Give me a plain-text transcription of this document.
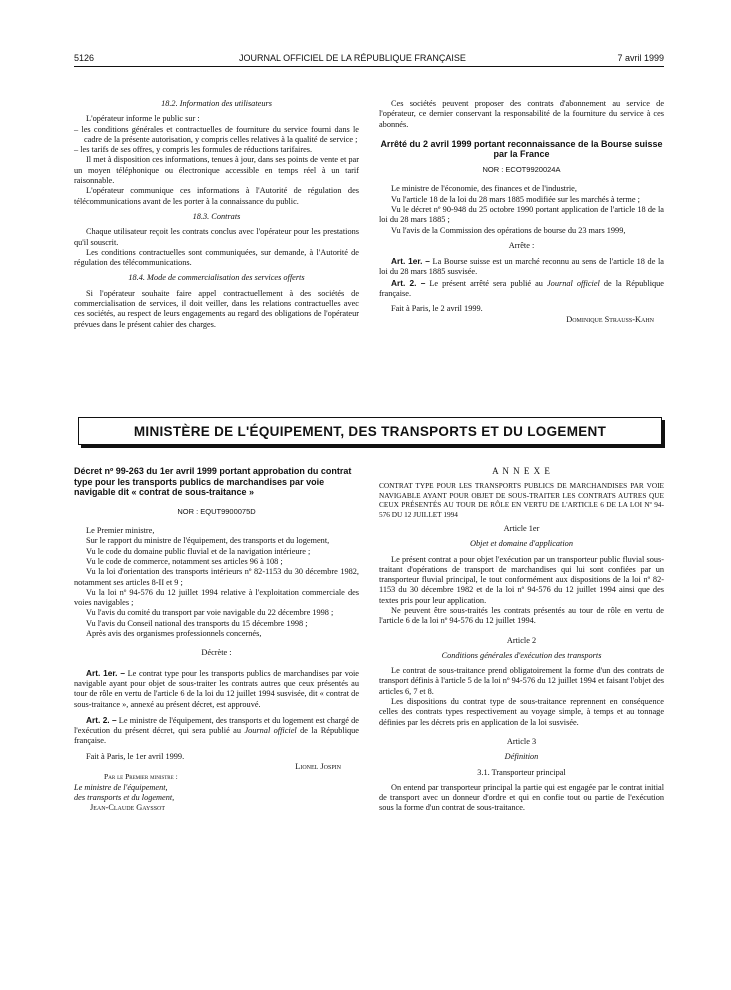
5126	JOURNAL OFFICIEL DE LA RÉPUBLIQUE FRANÇAISE	7 avril 1999

18.2. Information des utilisateurs

L'opérateur informe le public sur :

– les conditions générales et contractuelles de fourniture du service fourni dans le cadre de la présente autorisation, y compris celles relatives à la qualité de service ;

– les tarifs de ses offres, y compris les formules de réductions tarifaires.

Il met à disposition ces informations, tenues à jour, dans ses points de vente et par un moyen téléphonique ou électronique accessible en temps réel à un tarif raisonnable.

L'opérateur communique ces informations à l'Autorité de régulation des télécommunications avant de les porter à la connaissance du public.

18.3. Contrats

Chaque utilisateur reçoit les contrats conclus avec l'opérateur pour les prestations qu'il souscrit.

Les conditions contractuelles sont communiquées, sur demande, à l'Autorité de régulation des télécommunications.

18.4. Mode de commercialisation des services offerts

Si l'opérateur souhaite faire appel contractuellement à des sociétés de commercialisation de services, il doit veiller, dans les relations contractuelles avec ces sociétés, au respect de leurs engagements au regard des obligations de l'opérateur prévues dans le présent cahier des charges.

Ces sociétés peuvent proposer des contrats d'abonnement au service de l'opérateur, ce dernier conservant la responsabilité de la fourniture du service à ces abonnés.

Arrêté du 2 avril 1999 portant reconnaissance de la Bourse suisse par la France

NOR : ECOT9920024A

Le ministre de l'économie, des finances et de l'industrie,

Vu l'article 18 de la loi du 28 mars 1885 modifiée sur les marchés à terme ;

Vu le décret nº 90-948 du 25 octobre 1990 portant application de l'article 18 de la loi du 28 mars 1885 ;

Vu l'avis de la Commission des opérations de bourse du 23 mars 1999,

Arrête :

Art. 1er. – La Bourse suisse est un marché reconnu au sens de l'article 18 de la loi du 28 mars 1885 susvisée.

Art. 2. – Le présent arrêté sera publié au Journal officiel de la République française.

Fait à Paris, le 2 avril 1999.

Dominique Strauss-Kahn

MINISTÈRE DE L'ÉQUIPEMENT, DES TRANSPORTS ET DU LOGEMENT

Décret nº 99-263 du 1er avril 1999 portant approbation du contrat type pour les transports publics de marchandises par voie navigable dit « contrat de sous-traitance »

NOR : EQUT9900075D

Le Premier ministre,

Sur le rapport du ministre de l'équipement, des transports et du logement,

Vu le code du domaine public fluvial et de la navigation intérieure ;

Vu le code de commerce, notamment ses articles 96 à 108 ;

Vu la loi d'orientation des transports intérieurs nº 82-1153 du 30 décembre 1982, notamment ses articles 8-II et 9 ;

Vu la loi nº 94-576 du 12 juillet 1994 relative à l'exploitation commerciale des voies navigables ;

Vu l'avis du comité du transport par voie navigable du 22 décembre 1998 ;

Vu l'avis du Conseil national des transports du 15 décembre 1998 ;

Après avis des organismes professionnels concernés,

Décrète :

Art. 1er. – Le contrat type pour les transports publics de marchandises par voie navigable ayant pour objet de sous-traiter les contrats autres que ceux présentés au tour de rôle en vertu de l'article 6 de la loi du 12 juillet 1994 susvisée, dit « contrat de sous-traitance », annexé au présent décret, est approuvé.

Art. 2. – Le ministre de l'équipement, des transports et du logement est chargé de l'exécution du présent décret, qui sera publié au Journal officiel de la République française.

Fait à Paris, le 1er avril 1999.

Lionel Jospin

Par le Premier ministre :

Le ministre de l'équipement,

des transports et du logement,

Jean-Claude Gayssot

A N N E X E

CONTRAT TYPE POUR LES TRANSPORTS PUBLICS DE MARCHANDISES PAR VOIE NAVIGABLE AYANT POUR OBJET DE SOUS-TRAITER LES CONTRATS AUTRES QUE CEUX PRÉSENTÉS AU TOUR DE RÔLE EN VERTU DE L'ARTICLE 6 DE LA LOI Nº 94-576 DU 12 JUILLET 1994

Article 1er

Objet et domaine d'application

Le présent contrat a pour objet l'exécution par un transporteur public fluvial sous-traitant d'opérations de transport de marchandises qui lui sont confiées par un transporteur fluvial principal, le tout conformément aux dispositions de la loi nº 82-1153 du 30 décembre 1982 et de la loi nº 94-576 du 12 juillet 1994 ainsi que des textes pris pour leur application.

Ne peuvent être sous-traités les contrats présentés au tour de rôle en vertu de l'article 6 de la loi nº 94-576 du 12 juillet 1994.

Article 2

Conditions générales d'exécution des transports

Le contrat de sous-traitance prend obligatoirement la forme d'un des contrats de transport définis à l'article 5 de la loi nº 94-576 du 12 juillet 1994 et faisant l'objet des articles 6, 7 et 8.

Les dispositions du contrat type de sous-traitance reprennent en conséquence celles des contrats types respectivement au voyage simple, à temps et au tonnage définies par les décrets pris en application de la loi susvisée.

Article 3

Définition

3.1. Transporteur principal

On entend par transporteur principal la partie qui est engagée par le contrat initial de transport avec un donneur d'ordre et qui en confie tout ou partie de l'exécution sous la forme d'un contrat de sous-traitance.
